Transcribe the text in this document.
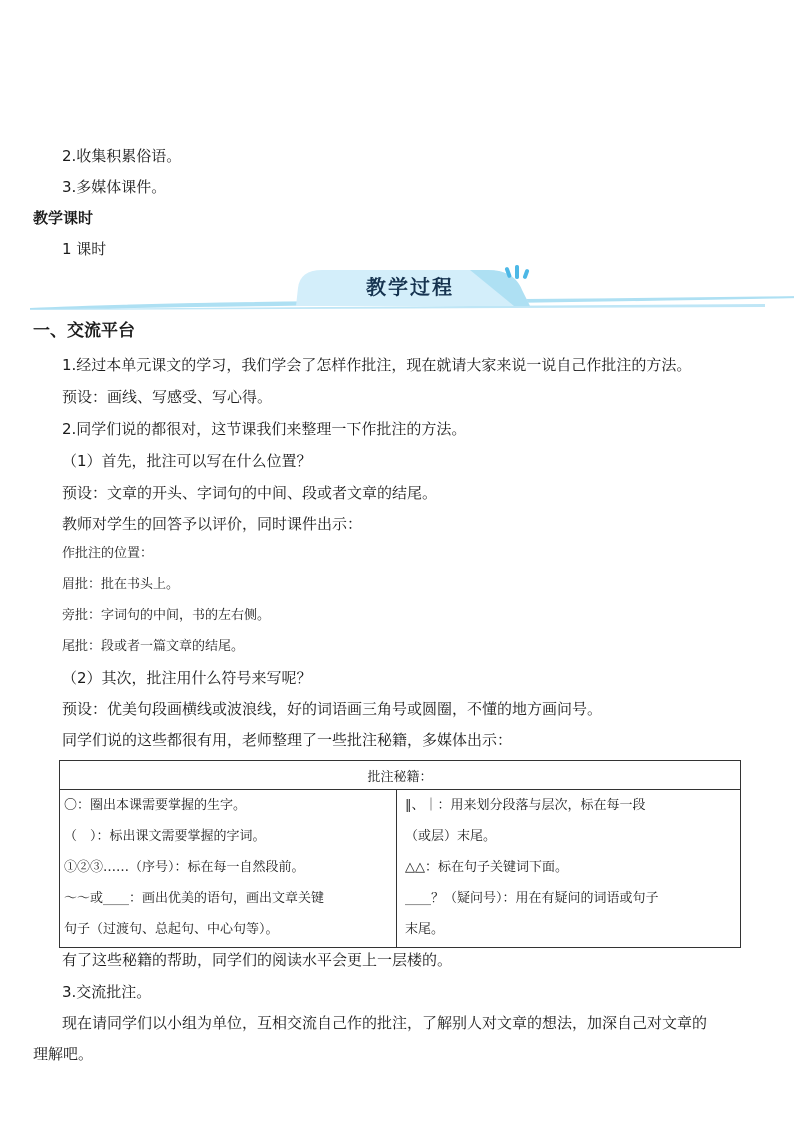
2.收集积累俗语。
3.多媒体课件。
教学课时
1 课时
教学过程
一、交流平台
1.经过本单元课文的学习，我们学会了怎样作批注，现在就请大家来说一说自己作批注的方法。
预设：画线、写感受、写心得。
2.同学们说的都很对，这节课我们来整理一下作批注的方法。
（1）首先，批注可以写在什么位置？
预设：文章的开头、字词句的中间、段或者文章的结尾。
教师对学生的回答予以评价，同时课件出示：
作批注的位置：
眉批：批在书头上。
旁批：字词句的中间，书的左右侧。
尾批：段或者一篇文章的结尾。
（2）其次，批注用什么符号来写呢？
预设：优美句段画横线或波浪线，好的词语画三角号或圆圈，不懂的地方画问号。
同学们说的这些都很有用，老师整理了一些批注秘籍，多媒体出示：
批注秘籍：

〇：圈出本课需要掌握的生字。
（　）：标出课文需要掌握的字词。
①②③……（序号）：标在每一自然段前。
～～或____：画出优美的语句，画出文章关键
句子（过渡句、总起句、中心句等）。

‖、｜：用来划分段落与层次，标在每一段
（或层）末尾。
△△：标在句子关键词下面。
____？（疑问号）：用在有疑问的词语或句子
末尾。
有了这些秘籍的帮助，同学们的阅读水平会更上一层楼的。
3.交流批注。
现在请同学们以小组为单位，互相交流自己作的批注，了解别人对文章的想法，加深自己对文章的
理解吧。
